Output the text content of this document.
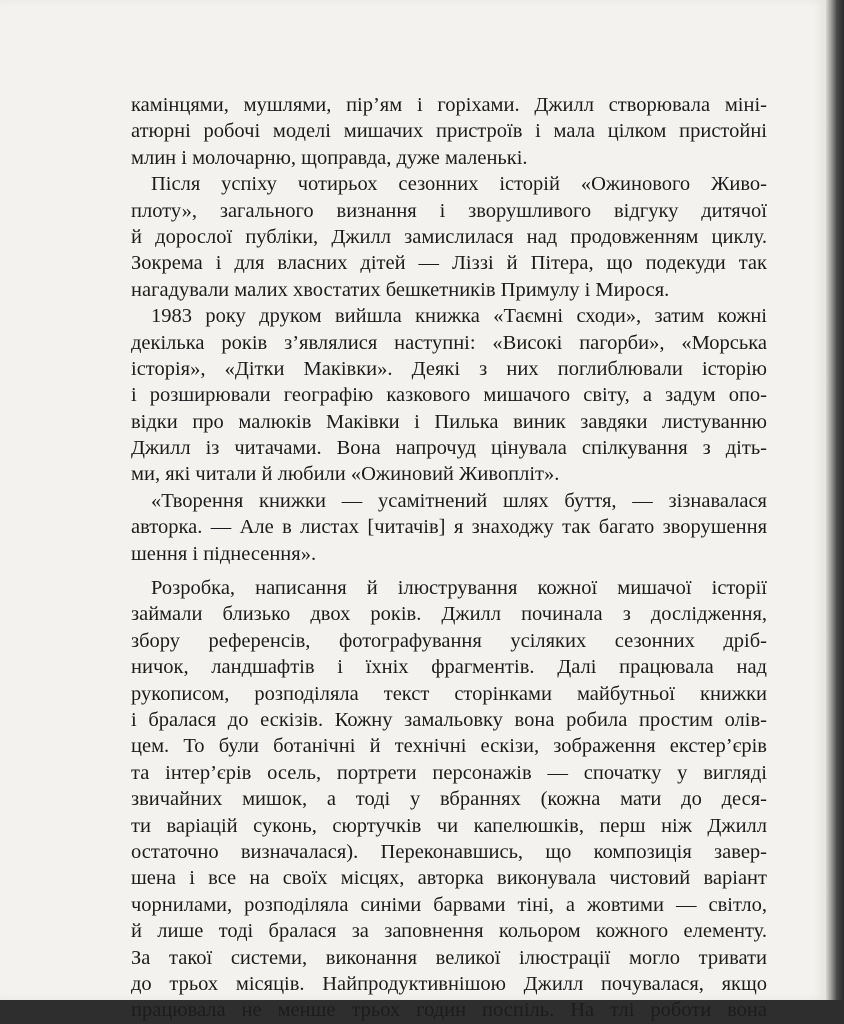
камінцями, мушлями, пір’ям і горіхами. Джилл створювала міні-
атюрні робочі моделі мишачих пристроїв і мала цілком пристойні
млин і молочарню, щоправда, дуже маленькі.
Після успіху чотирьох сезонних історій «Ожинового Живо-
плоту», загального визнання і зворушливого відгуку дитячої
й дорослої публіки, Джилл замислилася над продовженням циклу.
Зокрема і для власних дітей — Ліззі й Пітера, що подекуди так
нагадували малих хвостатих бешкетників Примулу і Мирося.
1983 року друком вийшла книжка «Таємні сходи», затим кожні
декілька років з’являлися наступні: «Високі пагорби», «Морська
історія», «Дітки Маківки». Деякі з них поглиблювали історію
і розширювали географію казкового мишачого світу, а задум опо-
відки про малюків Маківки і Пилька виник завдяки листуванню
Джилл із читачами. Вона напрочуд цінувала спілкування з діть-
ми, які читали й любили «Ожиновий Живопліт».
«Творення книжки — усамітнений шлях буття, — зізнавалася
авторка. — Але в листах [читачів] я знаходжу так багато зворушення
шення і піднесення».
Розробка, написання й ілюстрування кожної мишачої історії
займали близько двох років. Джилл починала з дослідження,
збору референсів, фотографування усіляких сезонних дріб-
ничок, ландшафтів і їхніх фрагментів. Далі працювала над
рукописом, розподіляла текст сторінками майбутньої книжки
і бралася до ескізів. Кожну замальовку вона робила простим олів-
цем. То були ботанічні й технічні ескізи, зображення екстер’єрів
та інтер’єрів осель, портрети персонажів — спочатку у вигляді
звичайних мишок, а тоді у вбраннях (кожна мати до деся-
ти варіацій суконь, сюртучків чи капелюшків, перш ніж Джилл
остаточно визначалася). Переконавшись, що композиція завер-
шена і все на своїх місцях, авторка виконувала чистовий варіант
чорнилами, розподіляла синіми барвами тіні, а жовтими — світло,
й лише тоді бралася за заповнення кольором кожного елементу.
За такої системи, виконання великої ілюстрації могло тривати
до трьох місяців. Найпродуктивнішою Джилл почувалася, якщо
працювала не менше трьох годин поспіль. На тлі роботи вона
